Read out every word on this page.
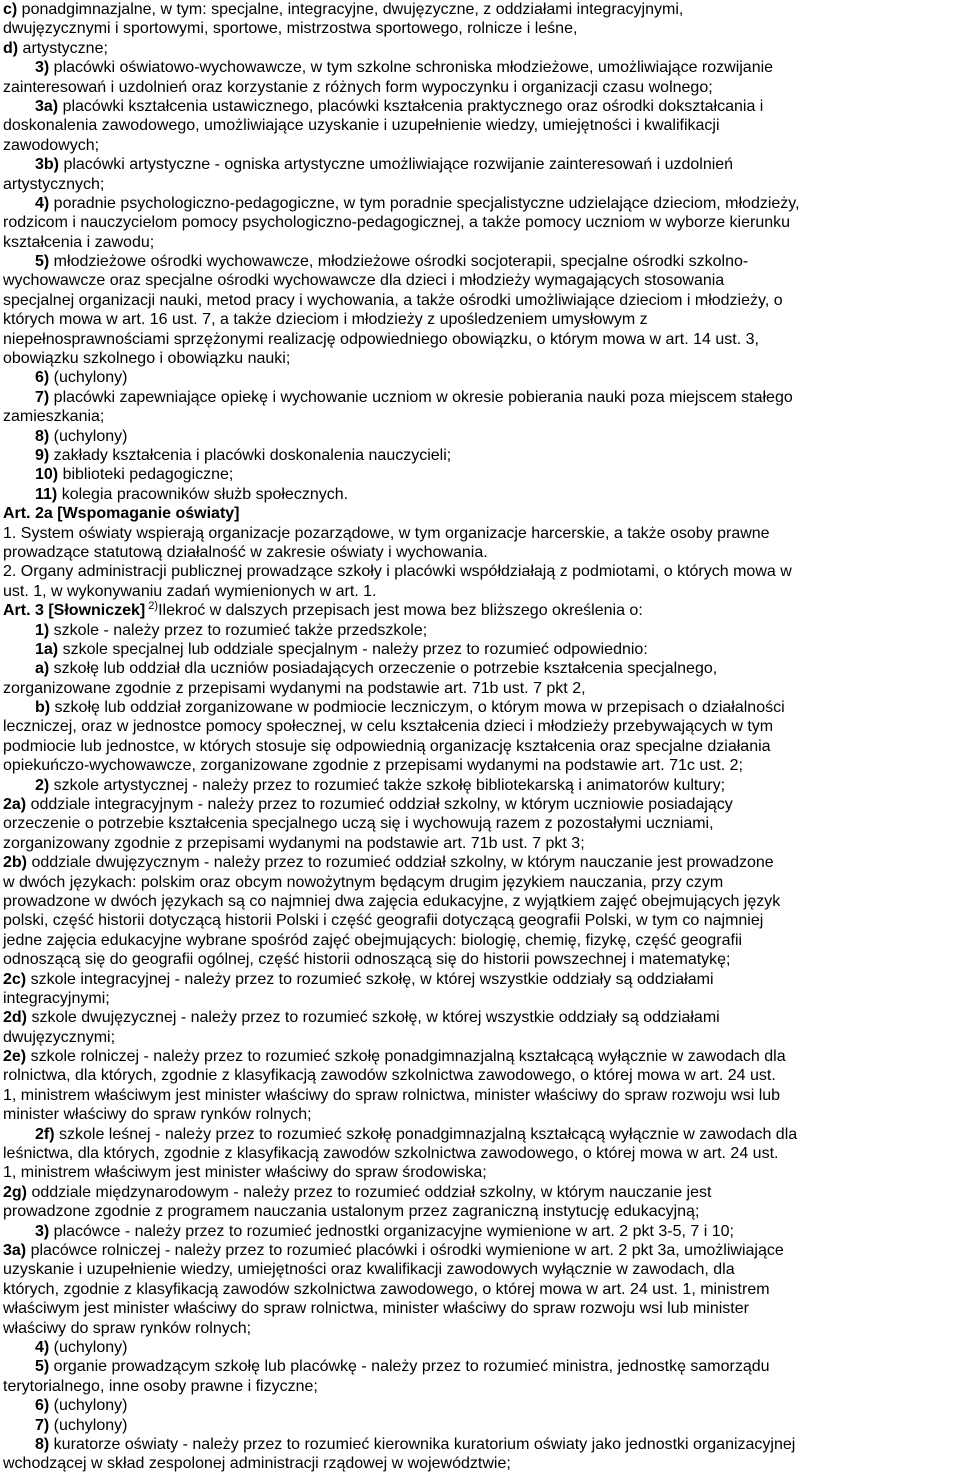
c) ponadgimnazjalne, w tym: specjalne, integracyjne, dwujęzyczne, z oddziałami integracyjnymi,
dwujęzycznymi i sportowymi, sportowe, mistrzostwa sportowego, rolnicze i leśne,
d) artystyczne;
3) placówki oświatowo-wychowawcze, w tym szkolne schroniska młodzieżowe, umożliwiające rozwijanie
zainteresowań i uzdolnień oraz korzystanie z różnych form wypoczynku i organizacji czasu wolnego;
3a) placówki kształcenia ustawicznego, placówki kształcenia praktycznego oraz ośrodki dokształcania i
doskonalenia zawodowego, umożliwiające uzyskanie i uzupełnienie wiedzy, umiejętności i kwalifikacji
zawodowych;
3b) placówki artystyczne - ogniska artystyczne umożliwiające rozwijanie zainteresowań i uzdolnień
artystycznych;
4) poradnie psychologiczno-pedagogiczne, w tym poradnie specjalistyczne udzielające dzieciom, młodzieży,
rodzicom i nauczycielom pomocy psychologiczno-pedagogicznej, a także pomocy uczniom w wyborze kierunku
kształcenia i zawodu;
5) młodzieżowe ośrodki wychowawcze, młodzieżowe ośrodki socjoterapii, specjalne ośrodki szkolno-
wychowawcze oraz specjalne ośrodki wychowawcze dla dzieci i młodzieży wymagających stosowania
specjalnej organizacji nauki, metod pracy i wychowania, a także ośrodki umożliwiające dzieciom i młodzieży, o
których mowa w art. 16 ust. 7, a także dzieciom i młodzieży z upośledzeniem umysłowym z
niepełnosprawnościami sprzężonymi realizację odpowiedniego obowiązku, o którym mowa w art. 14 ust. 3,
obowiązku szkolnego i obowiązku nauki;
6) (uchylony)
7) placówki zapewniające opiekę i wychowanie uczniom w okresie pobierania nauki poza miejscem stałego
zamieszkania;
8) (uchylony)
9) zakłady kształcenia i placówki doskonalenia nauczycieli;
10) biblioteki pedagogiczne;
11) kolegia pracowników służb społecznych.
Art. 2a [Wspomaganie oświaty]
1. System oświaty wspierają organizacje pozarządowe, w tym organizacje harcerskie, a także osoby prawne
prowadzące statutową działalność w zakresie oświaty i wychowania.
2. Organy administracji publicznej prowadzące szkoły i placówki współdziałają z podmiotami, o których mowa w
ust. 1, w wykonywaniu zadań wymienionych w art. 1.
Art. 3 [Słowniczek] $^{2)}$Ilekroć w dalszych przepisach jest mowa bez bliższego określenia o:
1) szkole - należy przez to rozumieć także przedszkole;
1a) szkole specjalnej lub oddziale specjalnym - należy przez to rozumieć odpowiednio:
a) szkołę lub oddział dla uczniów posiadających orzeczenie o potrzebie kształcenia specjalnego,
zorganizowane zgodnie z przepisami wydanymi na podstawie art. 71b ust. 7 pkt 2,
b) szkołę lub oddział zorganizowane w podmiocie leczniczym, o którym mowa w przepisach o działalności
leczniczej, oraz w jednostce pomocy społecznej, w celu kształcenia dzieci i młodzieży przebywających w tym
podmiocie lub jednostce, w których stosuje się odpowiednią organizację kształcenia oraz specjalne działania
opiekuńczo-wychowawcze, zorganizowane zgodnie z przepisami wydanymi na podstawie art. 71c ust. 2;
2) szkole artystycznej - należy przez to rozumieć także szkołę bibliotekarską i animatorów kultury;
2a) oddziale integracyjnym - należy przez to rozumieć oddział szkolny, w którym uczniowie posiadający
orzeczenie o potrzebie kształcenia specjalnego uczą się i wychowują razem z pozostałymi uczniami,
zorganizowany zgodnie z przepisami wydanymi na podstawie art. 71b ust. 7 pkt 3;
2b) oddziale dwujęzycznym - należy przez to rozumieć oddział szkolny, w którym nauczanie jest prowadzone
w dwóch językach: polskim oraz obcym nowożytnym będącym drugim językiem nauczania, przy czym
prowadzone w dwóch językach są co najmniej dwa zajęcia edukacyjne, z wyjątkiem zajęć obejmujących język
polski, część historii dotyczącą historii Polski i część geografii dotyczącą geografii Polski, w tym co najmniej
jedne zajęcia edukacyjne wybrane spośród zajęć obejmujących: biologię, chemię, fizykę, część geografii
odnoszącą się do geografii ogólnej, część historii odnoszącą się do historii powszechnej i matematykę;
2c) szkole integracyjnej - należy przez to rozumieć szkołę, w której wszystkie oddziały są oddziałami
integracyjnymi;
2d) szkole dwujęzycznej - należy przez to rozumieć szkołę, w której wszystkie oddziały są oddziałami
dwujęzycznymi;
2e) szkole rolniczej - należy przez to rozumieć szkołę ponadgimnazjalną kształcącą wyłącznie w zawodach dla
rolnictwa, dla których, zgodnie z klasyfikacją zawodów szkolnictwa zawodowego, o której mowa w art. 24 ust.
1, ministrem właściwym jest minister właściwy do spraw rolnictwa, minister właściwy do spraw rozwoju wsi lub
minister właściwy do spraw rynków rolnych;
2f) szkole leśnej - należy przez to rozumieć szkołę ponadgimnazjalną kształcącą wyłącznie w zawodach dla
leśnictwa, dla których, zgodnie z klasyfikacją zawodów szkolnictwa zawodowego, o której mowa w art. 24 ust.
1, ministrem właściwym jest minister właściwy do spraw środowiska;
2g) oddziale międzynarodowym - należy przez to rozumieć oddział szkolny, w którym nauczanie jest
prowadzone zgodnie z programem nauczania ustalonym przez zagraniczną instytucję edukacyjną;
3) placówce - należy przez to rozumieć jednostki organizacyjne wymienione w art. 2 pkt 3-5, 7 i 10;
3a) placówce rolniczej - należy przez to rozumieć placówki i ośrodki wymienione w art. 2 pkt 3a, umożliwiające
uzyskanie i uzupełnienie wiedzy, umiejętności oraz kwalifikacji zawodowych wyłącznie w zawodach, dla
których, zgodnie z klasyfikacją zawodów szkolnictwa zawodowego, o której mowa w art. 24 ust. 1, ministrem
właściwym jest minister właściwy do spraw rolnictwa, minister właściwy do spraw rozwoju wsi lub minister
właściwy do spraw rynków rolnych;
4) (uchylony)
5) organie prowadzącym szkołę lub placówkę - należy przez to rozumieć ministra, jednostkę samorządu
terytorialnego, inne osoby prawne i fizyczne;
6) (uchylony)
7) (uchylony)
8) kuratorze oświaty - należy przez to rozumieć kierownika kuratorium oświaty jako jednostki organizacyjnej
wchodzącej w skład zespolonej administracji rządowej w województwie;
